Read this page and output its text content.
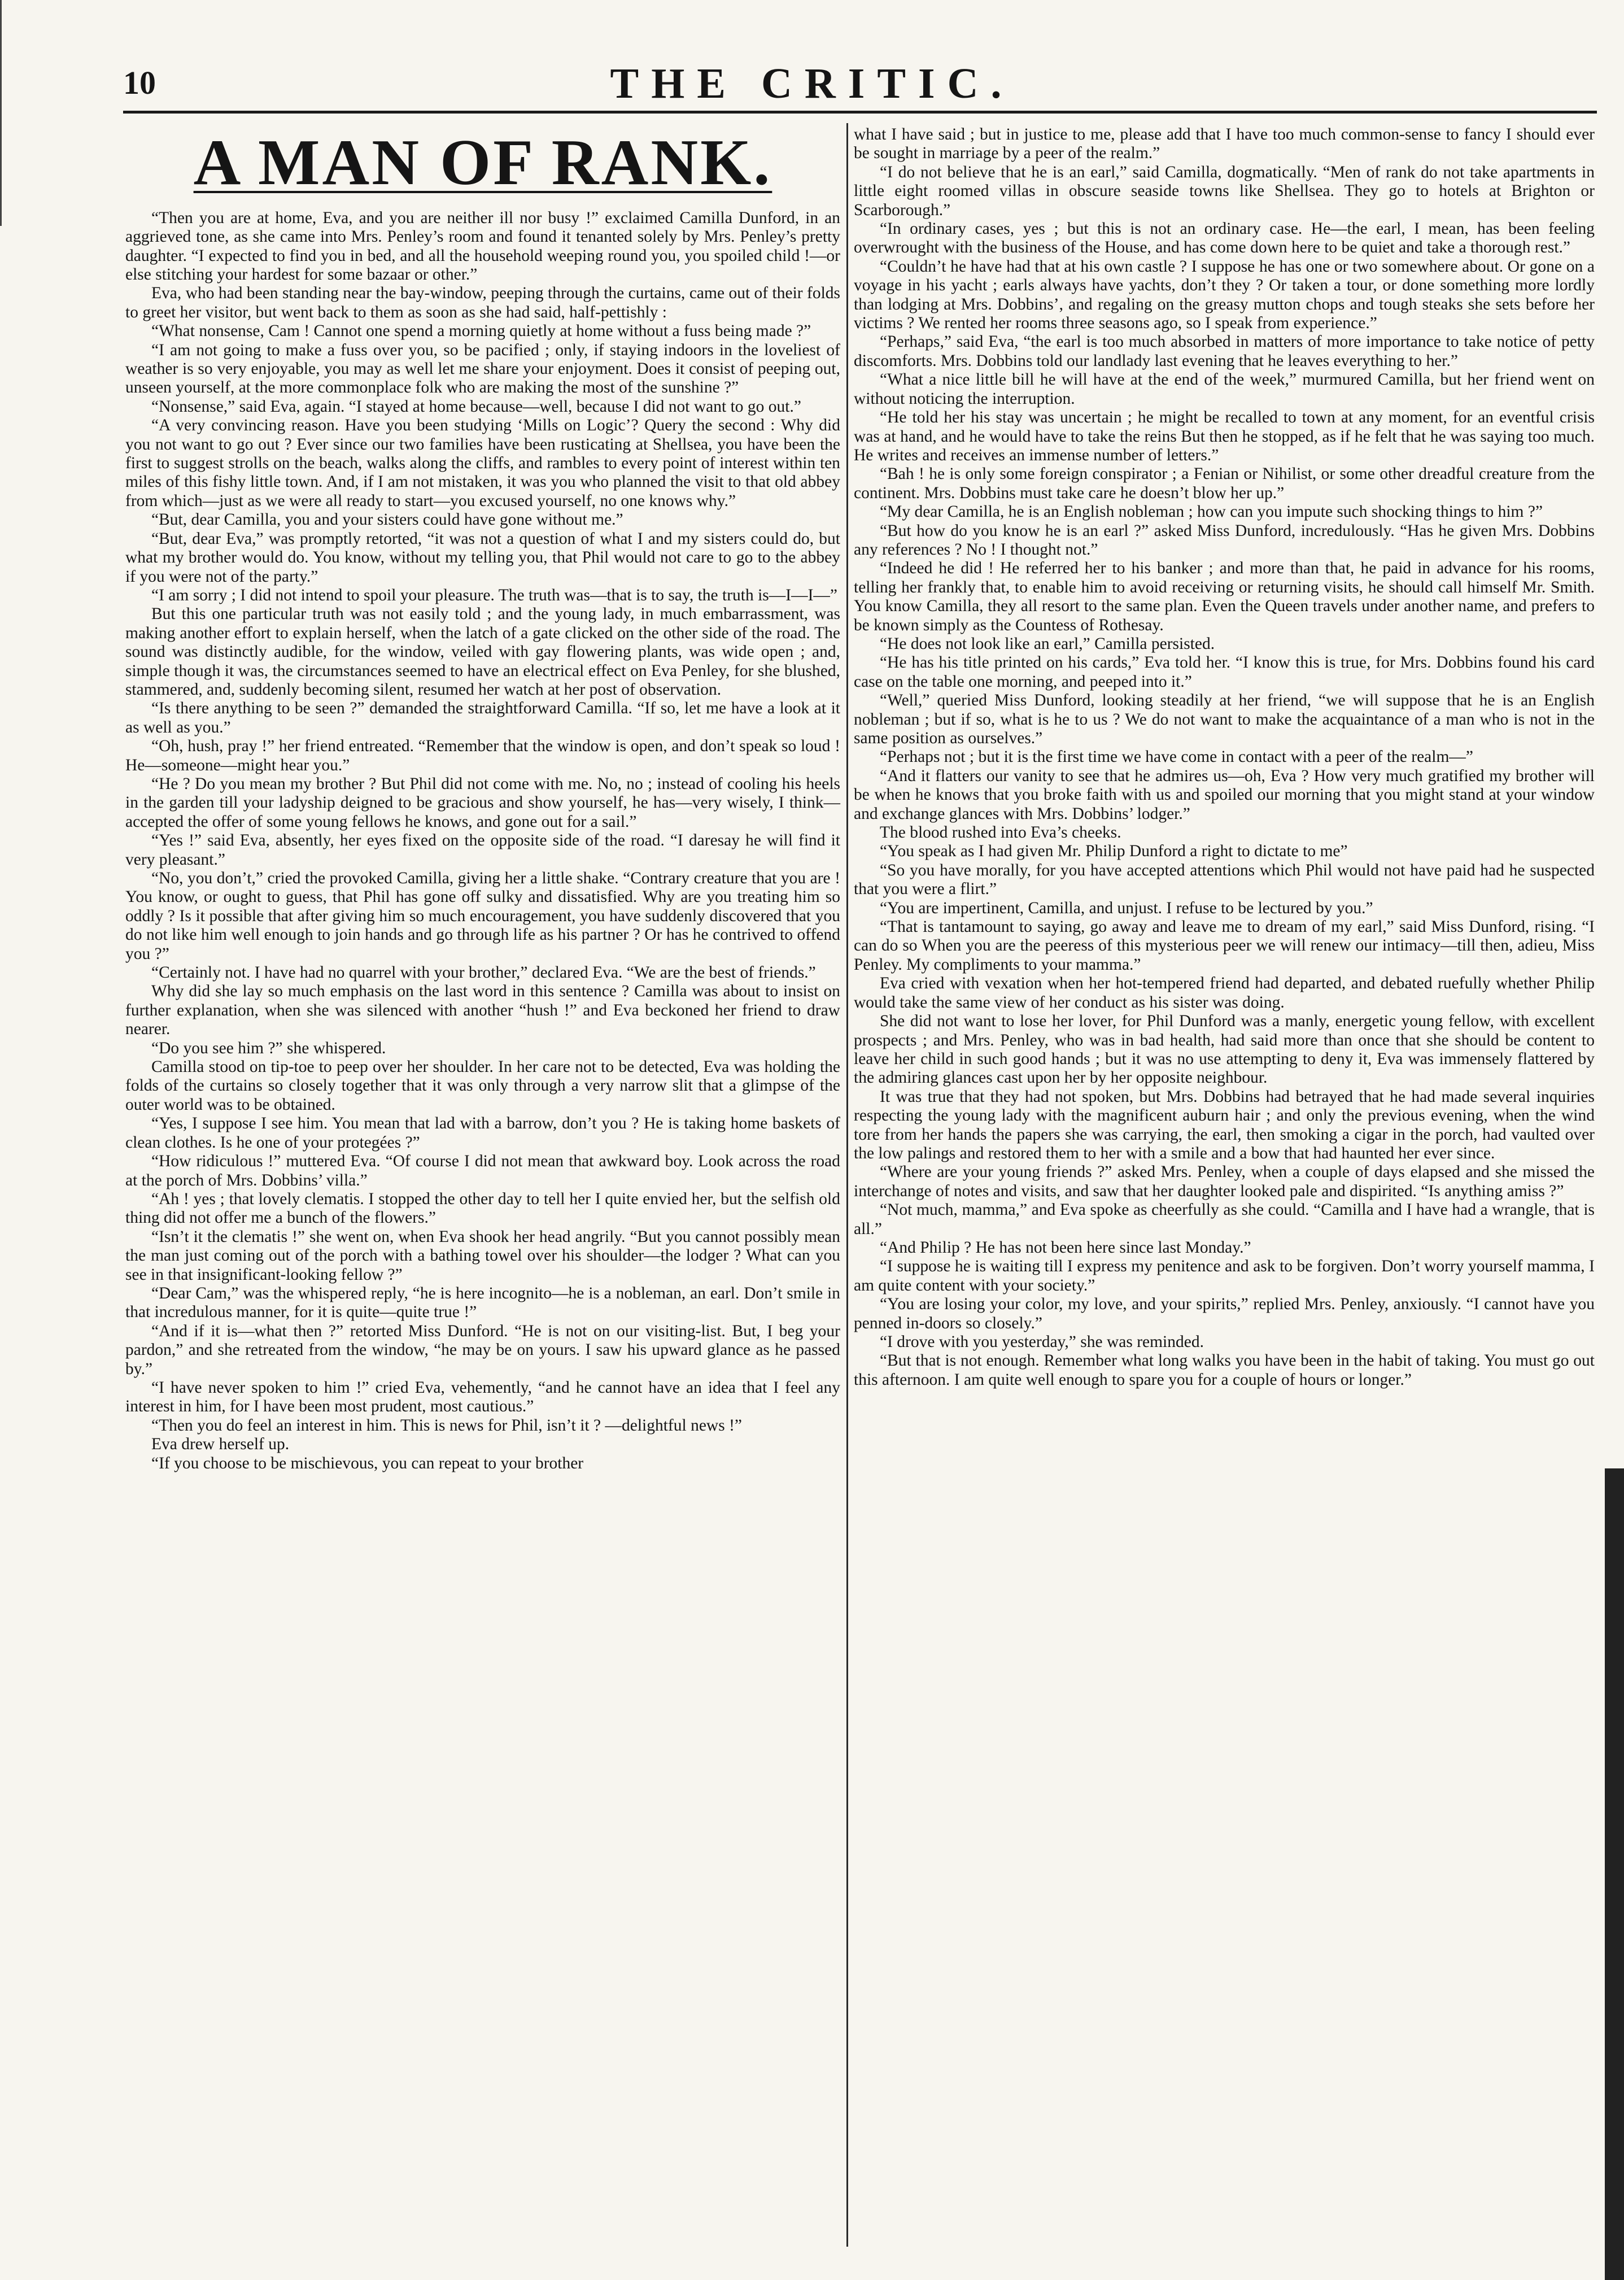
10	THE CRITIC.
A MAN OF RANK.

“Then you are at home, Eva, and you are neither ill nor busy !” exclaimed Camilla Dunford, in an aggrieved tone, as she came into Mrs. Penley’s room and found it tenanted solely by Mrs. Penley’s pretty daughter. “I expected to find you in bed, and all the household weeping round you, you spoiled child !—or else stitching your hardest for some bazaar or other.”

Eva, who had been standing near the bay-window, peeping through the curtains, came out of their folds to greet her visitor, but went back to them as soon as she had said, half-pettishly :

“What nonsense, Cam ! Cannot one spend a morning quietly at home without a fuss being made ?”

“I am not going to make a fuss over you, so be pacified ; only, if staying indoors in the loveliest of weather is so very enjoyable, you may as well let me share your enjoyment. Does it consist of peeping out, unseen yourself, at the more commonplace folk who are making the most of the sunshine ?”

“Nonsense,” said Eva, again. “I stayed at home because—well, because I did not want to go out.”

“A very convincing reason. Have you been studying ‘Mills on Logic’? Query the second : Why did you not want to go out ? Ever since our two families have been rusticating at Shellsea, you have been the first to suggest strolls on the beach, walks along the cliffs, and rambles to every point of interest within ten miles of this fishy little town. And, if I am not mistaken, it was you who planned the visit to that old abbey from which—just as we were all ready to start—you excused yourself, no one knows why.”

“But, dear Camilla, you and your sisters could have gone without me.”

“But, dear Eva,” was promptly retorted, “it was not a question of what I and my sisters could do, but what my brother would do. You know, without my telling you, that Phil would not care to go to the abbey if you were not of the party.”

“I am sorry ; I did not intend to spoil your pleasure. The truth was—that is to say, the truth is—I—I—”

But this one particular truth was not easily told ; and the young lady, in much embarrassment, was making another effort to explain herself, when the latch of a gate clicked on the other side of the road. The sound was distinctly audible, for the window, veiled with gay flowering plants, was wide open ; and, simple though it was, the circumstances seemed to have an electrical effect on Eva Penley, for she blushed, stammered, and, suddenly becoming silent, resumed her watch at her post of observation.

“Is there anything to be seen ?” demanded the straightforward Camilla. “If so, let me have a look at it as well as you.”

“Oh, hush, pray !” her friend entreated. “Remember that the window is open, and don’t speak so loud ! He—someone—might hear you.”

“He ? Do you mean my brother ? But Phil did not come with me. No, no ; instead of cooling his heels in the garden till your ladyship deigned to be gracious and show yourself, he has—very wisely, I think—accepted the offer of some young fellows he knows, and gone out for a sail.”

“Yes !” said Eva, absently, her eyes fixed on the opposite side of the road. “I daresay he will find it very pleasant.”

“No, you don’t,” cried the provoked Camilla, giving her a little shake. “Contrary creature that you are ! You know, or ought to guess, that Phil has gone off sulky and dissatisfied. Why are you treating him so oddly ? Is it possible that after giving him so much encouragement, you have suddenly discovered that you do not like him well enough to join hands and go through life as his partner ? Or has he contrived to offend you ?”

“Certainly not. I have had no quarrel with your brother,” declared Eva. “We are the best of friends.”

Why did she lay so much emphasis on the last word in this sentence ? Camilla was about to insist on further explanation, when she was silenced with another “hush !” and Eva beckoned her friend to draw nearer.

“Do you see him ?” she whispered.

Camilla stood on tip-toe to peep over her shoulder. In her care not to be detected, Eva was holding the folds of the curtains so closely together that it was only through a very narrow slit that a glimpse of the outer world was to be obtained.

“Yes, I suppose I see him. You mean that lad with a barrow, don’t you ? He is taking home baskets of clean clothes. Is he one of your protegées ?”

“How ridiculous !” muttered Eva. “Of course I did not mean that awkward boy. Look across the road at the porch of Mrs. Dobbins’ villa.”

“Ah ! yes ; that lovely clematis. I stopped the other day to tell her I quite envied her, but the selfish old thing did not offer me a bunch of the flowers.”

“Isn’t it the clematis !” she went on, when Eva shook her head angrily. “But you cannot possibly mean the man just coming out of the porch with a bathing towel over his shoulder—the lodger ? What can you see in that insignificant-looking fellow ?”

“Dear Cam,” was the whispered reply, “he is here incognito—he is a nobleman, an earl. Don’t smile in that incredulous manner, for it is quite—quite true !”

“And if it is—what then ?” retorted Miss Dunford. “He is not on our visiting-list. But, I beg your pardon,” and she retreated from the window, “he may be on yours. I saw his upward glance as he passed by.”

“I have never spoken to him !” cried Eva, vehemently, “and he cannot have an idea that I feel any interest in him, for I have been most prudent, most cautious.”

“Then you do feel an interest in him. This is news for Phil, isn’t it ? —delightful news !”

Eva drew herself up.

“If you choose to be mischievous, you can repeat to your brother

what I have said ; but in justice to me, please add that I have too much common-sense to fancy I should ever be sought in marriage by a peer of the realm.”

“I do not believe that he is an earl,” said Camilla, dogmatically. “Men of rank do not take apartments in little eight roomed villas in obscure seaside towns like Shellsea. They go to hotels at Brighton or Scarborough.”

“In ordinary cases, yes ; but this is not an ordinary case. He—the earl, I mean, has been feeling overwrought with the business of the House, and has come down here to be quiet and take a thorough rest.”

“Couldn’t he have had that at his own castle ? I suppose he has one or two somewhere about. Or gone on a voyage in his yacht ; earls always have yachts, don’t they ? Or taken a tour, or done something more lordly than lodging at Mrs. Dobbins’, and regaling on the greasy mutton chops and tough steaks she sets before her victims ? We rented her rooms three seasons ago, so I speak from experience.”

“Perhaps,” said Eva, “the earl is too much absorbed in matters of more importance to take notice of petty discomforts. Mrs. Dobbins told our landlady last evening that he leaves everything to her.”

“What a nice little bill he will have at the end of the week,” murmured Camilla, but her friend went on without noticing the interruption.

“He told her his stay was uncertain ; he might be recalled to town at any moment, for an eventful crisis was at hand, and he would have to take the reins But then he stopped, as if he felt that he was saying too much. He writes and receives an immense number of letters.”

“Bah ! he is only some foreign conspirator ; a Fenian or Nihilist, or some other dreadful creature from the continent. Mrs. Dobbins must take care he doesn’t blow her up.”

“My dear Camilla, he is an English nobleman ; how can you impute such shocking things to him ?”

“But how do you know he is an earl ?” asked Miss Dunford, incredulously. “Has he given Mrs. Dobbins any references ? No ! I thought not.”

“Indeed he did ! He referred her to his banker ; and more than that, he paid in advance for his rooms, telling her frankly that, to enable him to avoid receiving or returning visits, he should call himself Mr. Smith. You know Camilla, they all resort to the same plan. Even the Queen travels under another name, and prefers to be known simply as the Countess of Rothesay.

“He does not look like an earl,” Camilla persisted.

“He has his title printed on his cards,” Eva told her. “I know this is true, for Mrs. Dobbins found his card case on the table one morning, and peeped into it.”

“Well,” queried Miss Dunford, looking steadily at her friend, “we will suppose that he is an English nobleman ; but if so, what is he to us ? We do not want to make the acquaintance of a man who is not in the same position as ourselves.”

“Perhaps not ; but it is the first time we have come in contact with a peer of the realm—”

“And it flatters our vanity to see that he admires us—oh, Eva ? How very much gratified my brother will be when he knows that you broke faith with us and spoiled our morning that you might stand at your window and exchange glances with Mrs. Dobbins’ lodger.”

The blood rushed into Eva’s cheeks.

“You speak as I had given Mr. Philip Dunford a right to dictate to me”

“So you have morally, for you have accepted attentions which Phil would not have paid had he suspected that you were a flirt.”

“You are impertinent, Camilla, and unjust. I refuse to be lectured by you.”

“That is tantamount to saying, go away and leave me to dream of my earl,” said Miss Dunford, rising. “I can do so When you are the peeress of this mysterious peer we will renew our intimacy—till then, adieu, Miss Penley. My compliments to your mamma.”

Eva cried with vexation when her hot-tempered friend had departed, and debated ruefully whether Philip would take the same view of her conduct as his sister was doing.

She did not want to lose her lover, for Phil Dunford was a manly, energetic young fellow, with excellent prospects ; and Mrs. Penley, who was in bad health, had said more than once that she should be content to leave her child in such good hands ; but it was no use attempting to deny it, Eva was immensely flattered by the admiring glances cast upon her by her opposite neighbour.

It was true that they had not spoken, but Mrs. Dobbins had betrayed that he had made several inquiries respecting the young lady with the magnificent auburn hair ; and only the previous evening, when the wind tore from her hands the papers she was carrying, the earl, then smoking a cigar in the porch, had vaulted over the low palings and restored them to her with a smile and a bow that had haunted her ever since.

“Where are your young friends ?” asked Mrs. Penley, when a couple of days elapsed and she missed the interchange of notes and visits, and saw that her daughter looked pale and dispirited. “Is anything amiss ?”

“Not much, mamma,” and Eva spoke as cheerfully as she could. “Camilla and I have had a wrangle, that is all.”

“And Philip ? He has not been here since last Monday.”

“I suppose he is waiting till I express my penitence and ask to be forgiven. Don’t worry yourself mamma, I am quite content with your society.”

“You are losing your color, my love, and your spirits,” replied Mrs. Penley, anxiously. “I cannot have you penned in-doors so closely.”

“I drove with you yesterday,” she was reminded.

“But that is not enough. Remember what long walks you have been in the habit of taking. You must go out this afternoon. I am quite well enough to spare you for a couple of hours or longer.”
